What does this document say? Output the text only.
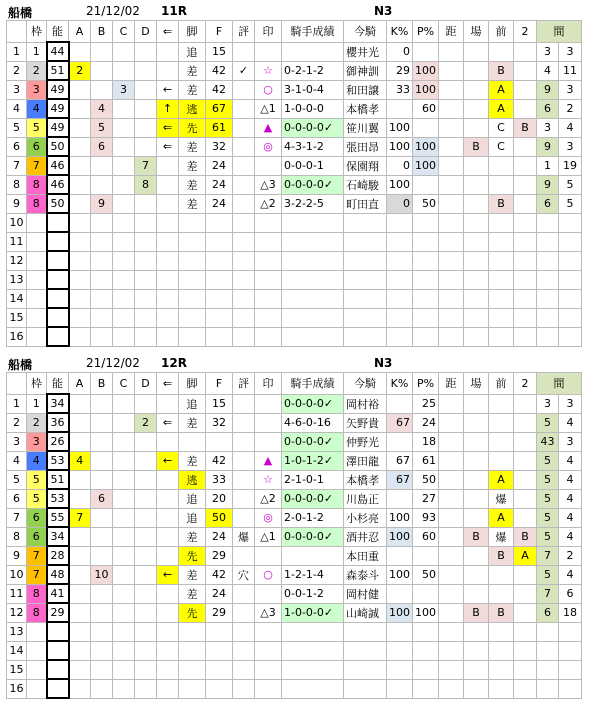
船橋	21/12/02 11R	N3
	枠	能	A	B	C	D	⇐	脚	F	評	印	騎手成績	今騎	K%	P%	距	場	前	2	間	
1	1	44						追	15				櫻井光	0						3	3
2	2	51	2					差	42	✓	☆	0-2-1-2	御神訓	29	100			B		4	11
3	3	49			3		←	差	42		○	3-1-0-4	和田譲	33	100			A		9	3
4	4	49		4			↑	逃	67		△1	1-0-0-0	本橋孝		60			A		6	2
5	5	49		5			⇐	先	61		▲	0-0-0-0✓	笹川翼	100				C	B	3	4
6	6	50		6			⇐	差	32		◎	4-3-1-2	張田昂	100	100		B	C		9	3
7	7	46				7		差	24			0-0-0-1	保園翔	0	100					1	19
8	8	46				8		差	24		△3	0-0-0-0✓	石崎駿	100						9	5
9	8	50		9				差	24		△2	3-2-2-5	町田直	0	50			B		6	5
10																					
11																					
12																					
13																					
14																					
15																					
16																					
船橋	21/12/02 12R	N3
	枠	能	A	B	C	D	⇐	脚	F	評	印	騎手成績	今騎	K%	P%	距	場	前	2	間	
1	1	34						追	15			0-0-0-0✓	岡村裕		25					3	3
2	2	36				2	⇐	差	32			4-6-0-16	矢野貴	67	24					5	4
3	3	26										0-0-0-0✓	仲野光		18					43	3
4	4	53	4				←	差	42		▲	1-0-1-2✓	澤田龍	67	61					5	4
5	5	51						逃	33		☆	2-1-0-1	本橋孝	67	50			A		5	4
6	5	53		6				追	20		△2	0-0-0-0✓	川島正		27			爆		5	4
7	6	55	7					追	50		◎	2-0-1-2	小杉亮	100	93			A		5	4
8	6	34						差	24	爆	△1	0-0-0-0✓	酒井忍	100	60		B	爆	B	5	4
9	7	28						先	29				本田重					B	A	7	2
10	7	48		10			←	差	42	穴	○	1-2-1-4	森泰斗	100	50					5	4
11	8	41						差	24			0-0-1-2	岡村健							7	6
12	8	29						先	29		△3	1-0-0-0✓	山崎誠	100	100		B	B		6	18
13																					
14																					
15																					
16																					
